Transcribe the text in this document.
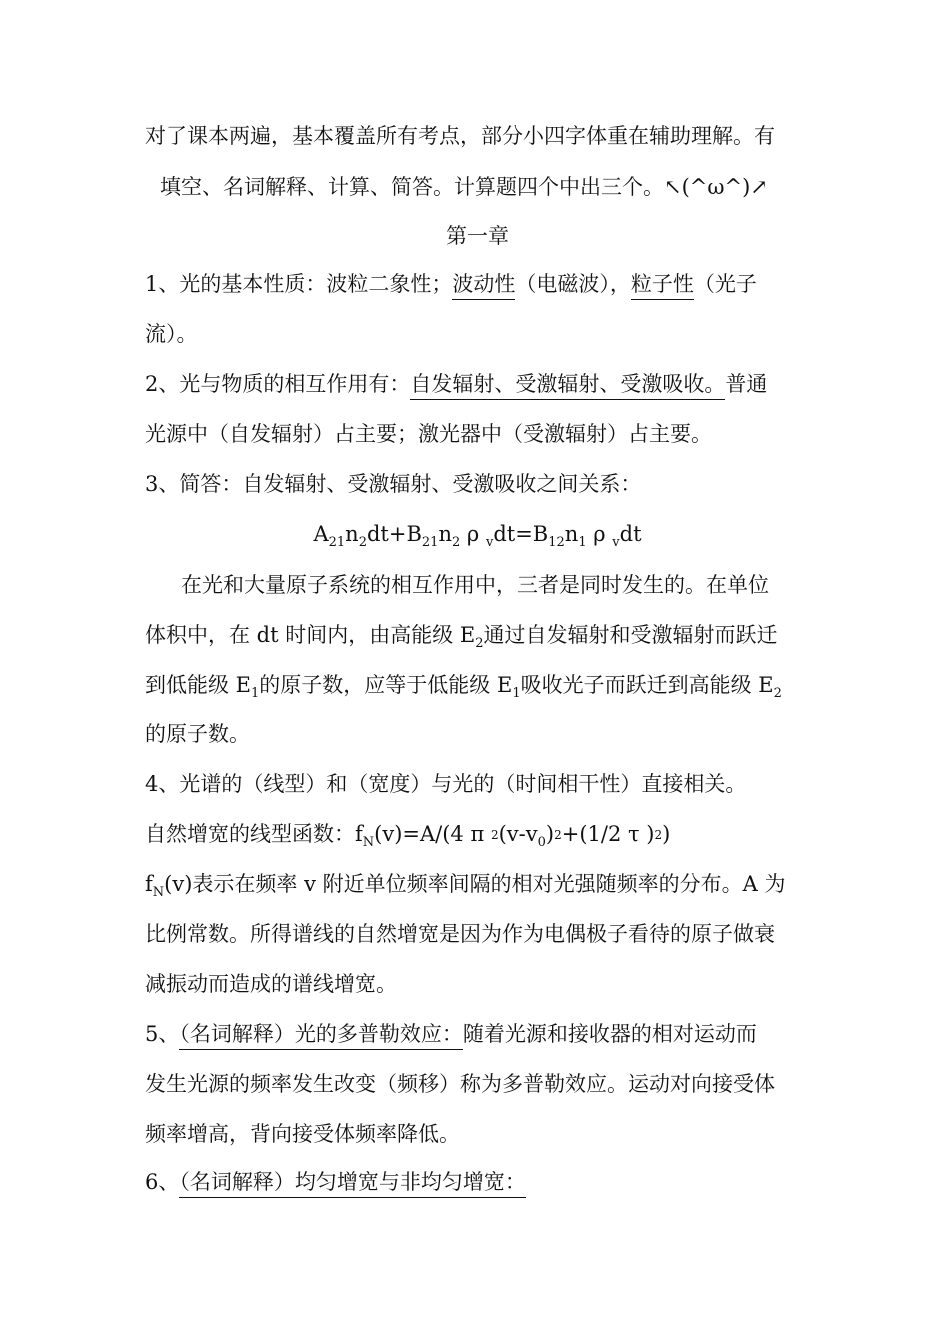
对了课本两遍，基本覆盖所有考点，部分小四字体重在辅助理解。有
填空、名词解释、计算、简答。计算题四个中出三个。↖(^ω^)↗
第一章
1、光的基本性质：波粒二象性；波动性（电磁波），粒子性（光子
流）。
2、光与物质的相互作用有：自发辐射、受激辐射、受激吸收。普通
光源中（自发辐射）占主要；激光器中（受激辐射）占主要。
3、简答：自发辐射、受激辐射、受激吸收之间关系：
$A_{21}n_2dt+B_{21}n_2$ ρ $_vdt=B_{12}n_1$ ρ $_v$dt
在光和大量原子系统的相互作用中，三者是同时发生的。在单位
体积中，在 dt 时间内，由高能级 $E_2$通过自发辐射和受激辐射而跃迁
到低能级 $E_1$的原子数，应等于低能级 $E_1$吸收光子而跃迁到高能级 $E_2$
的原子数。
4、光谱的（线型）和（宽度）与光的（时间相干性）直接相关。
自然增宽的线型函数：$f_N(v)=A/(4$ π $^2(v-v_0)^2+(1/2$ τ )$^2$)
$f_N(v)$表示在频率 v 附近单位频率间隔的相对光强随频率的分布。A 为
比例常数。所得谱线的自然增宽是因为作为电偶极子看待的原子做衰
减振动而造成的谱线增宽。
5、（名词解释）光的多普勒效应：随着光源和接收器的相对运动而
发生光源的频率发生改变（频移）称为多普勒效应。运动对向接受体
频率增高，背向接受体频率降低。
6、（名词解释）均匀增宽与非均匀增宽：
